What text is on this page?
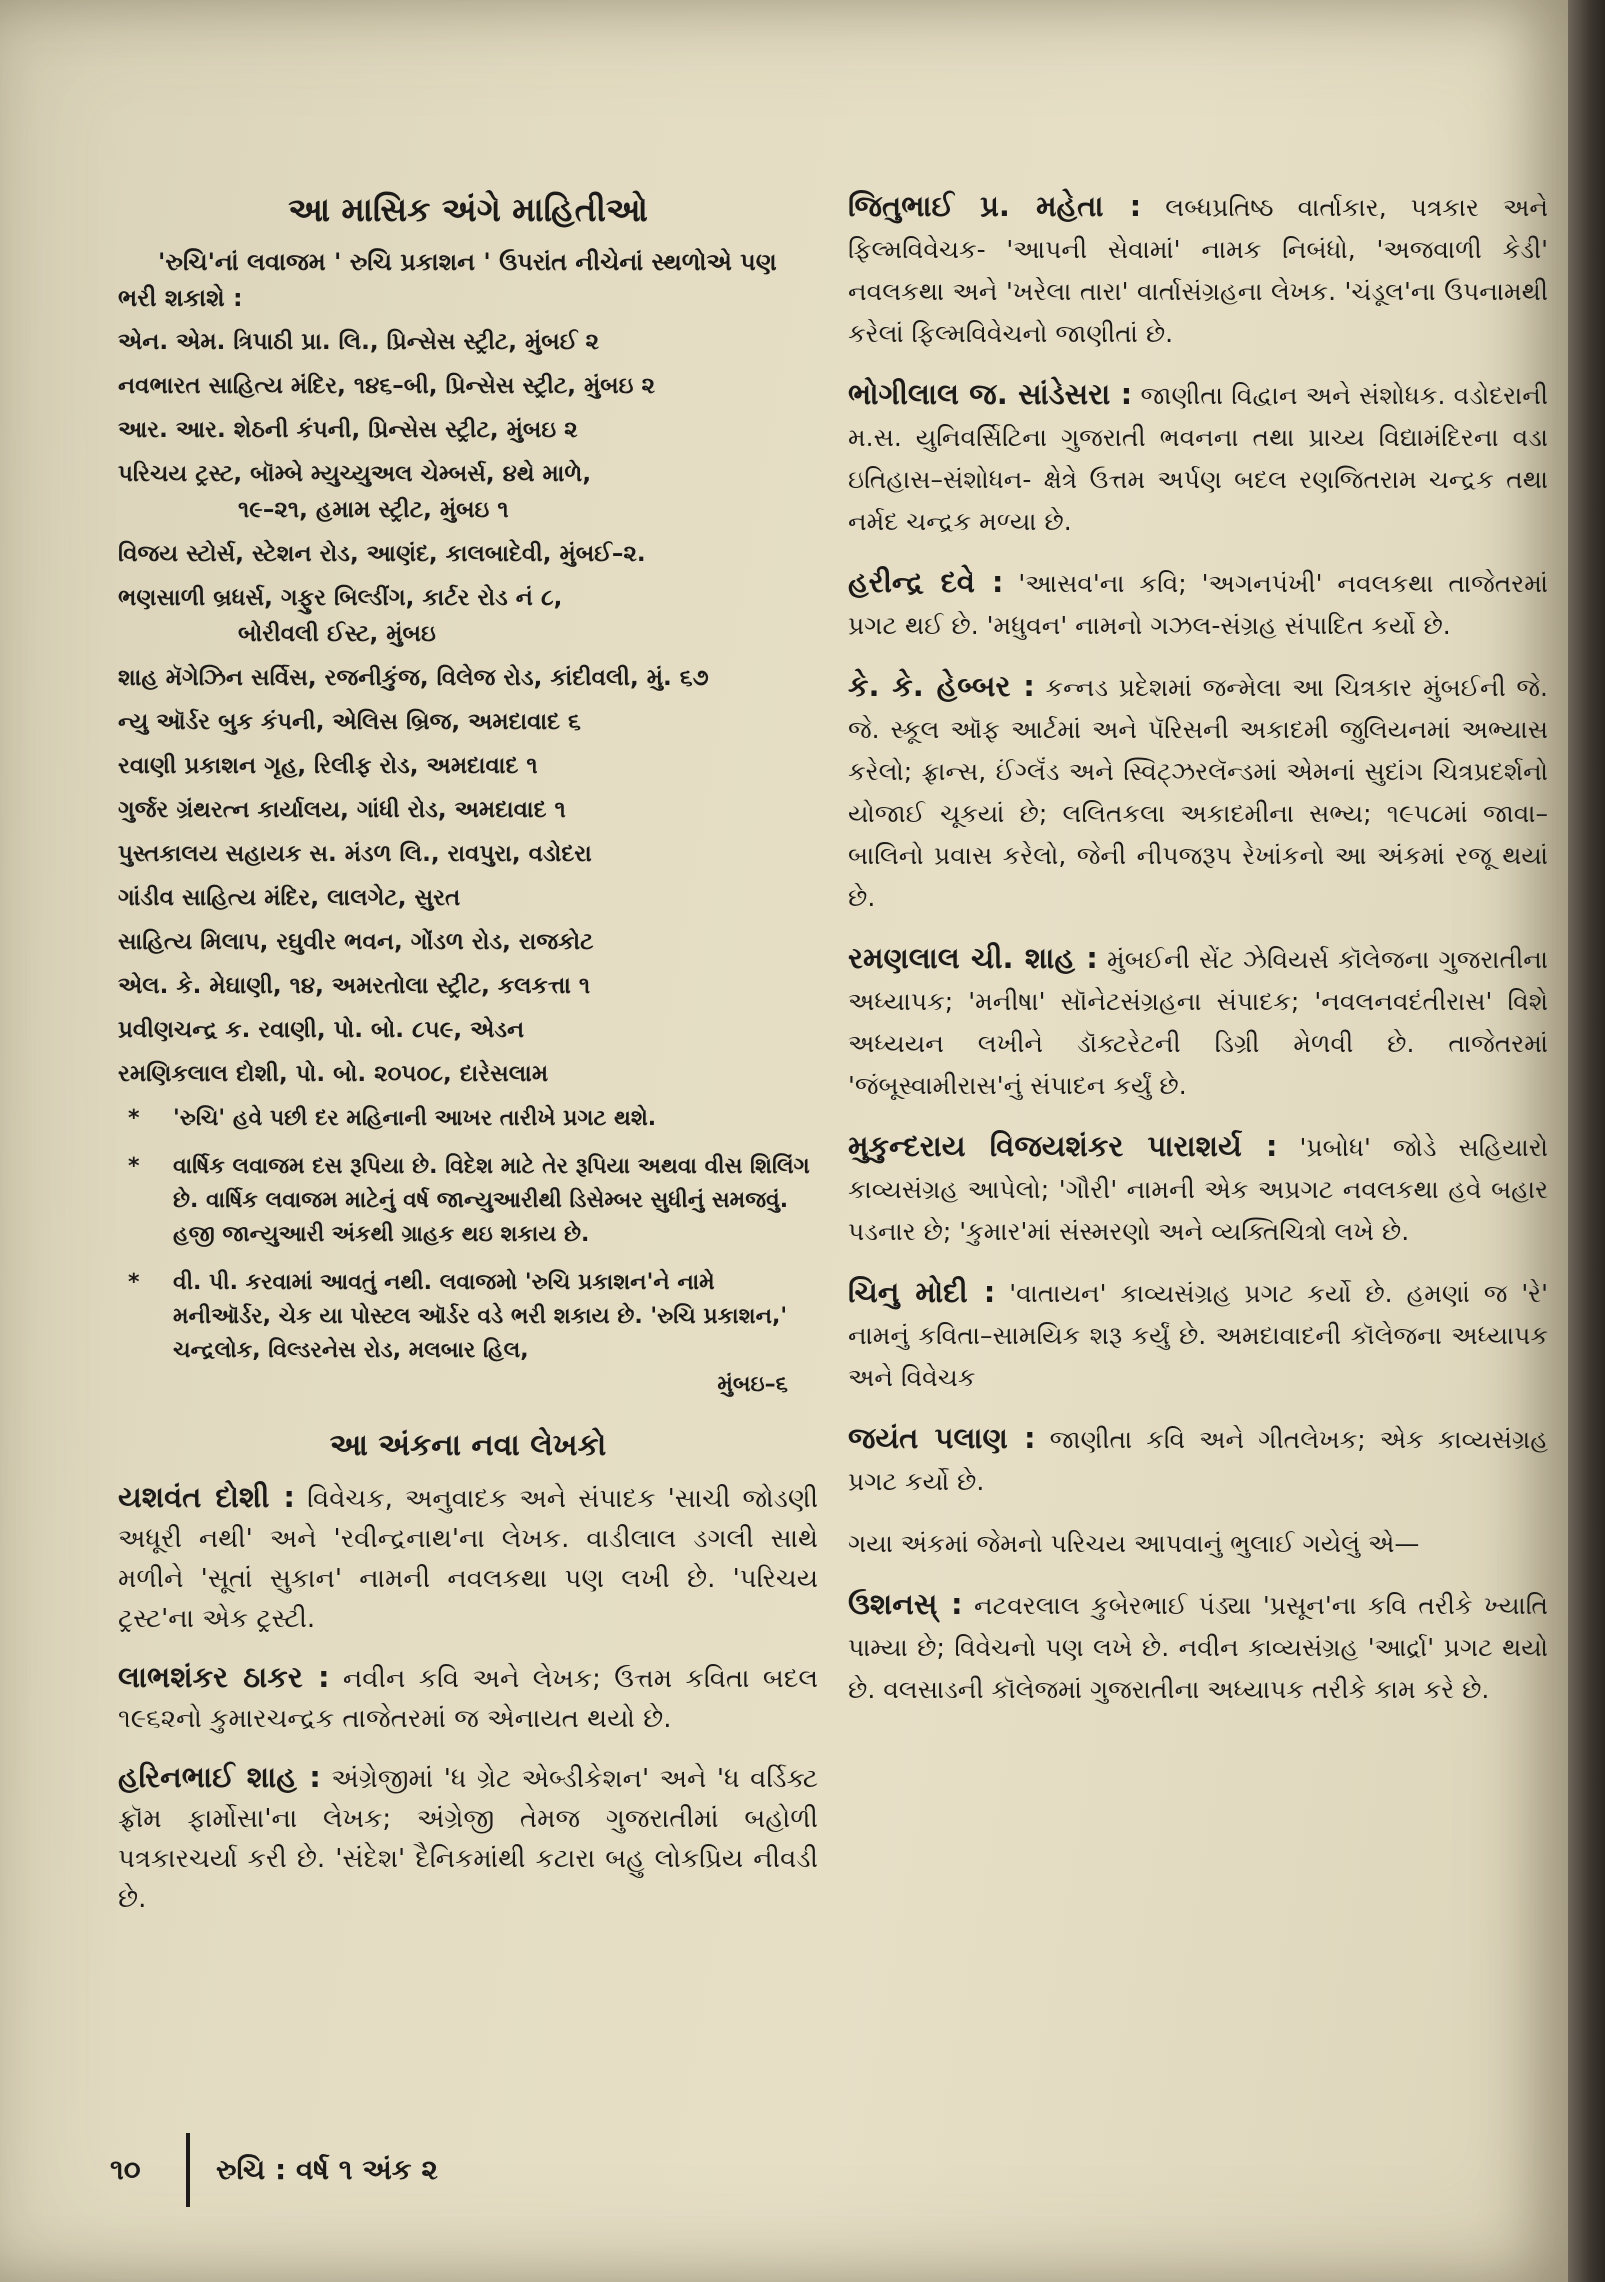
આ માસિક અંગે માહિતીઓ

'રુચિ'નાં લવાજમ ' રુચિ પ્રકાશન ' ઉપરાંત નીચેનાં સ્થળોએ પણ ભરી શકાશે :

એન. એમ. ત્રિપાઠી પ્રા. લિ., પ્રિન્સેસ સ્ટ્રીટ, મુંબઈ ૨
નવભારત સાહિત્ય મંદિર, ૧૪૬–બી, પ્રિન્સેસ સ્ટ્રીટ, મુંબઇ ૨
આર. આર. શેઠની કંપની, પ્રિન્સેસ સ્ટ્રીટ, મુંબઇ ૨
પરિચય ટ્રસ્ટ, બૉમ્બે મ્યુચ્યુઅલ ચેમ્બર્સ, ૪થે માળે,
૧૯–૨૧, હમામ સ્ટ્રીટ, મુંબઇ ૧
વિજય સ્ટોર્સ, સ્ટેશન રોડ, આણંદ, કાલબાદેવી, મુંબઈ–૨.
ભણસાળી બ્રધર્સ, ગફુર બિલ્ડીંગ, કાર્ટર રોડ નં ૮,
બોરીવલી ઈસ્ટ, મુંબઇ
શાહ મૅગેઝિન સર્વિસ, રજનીકુંજ, વિલેજ રોડ, કાંદીવલી, મું. ૬૭
ન્યુ ઑર્ડર બુક કંપની, એલિસ બ્રિજ, અમદાવાદ ૬
રવાણી પ્રકાશન ગૃહ, રિલીફ રોડ, અમદાવાદ ૧
ગુર્જર ગ્રંથરત્ન કાર્યાલય, ગાંધી રોડ, અમદાવાદ ૧
પુસ્તકાલય સહાયક સ. મંડળ લિ., રાવપુરા, વડોદરા
ગાંડીવ સાહિત્ય મંદિર, લાલગેટ, સુરત
સાહિત્ય મિલાપ, રઘુવીર ભવન, ગોંડળ રોડ, રાજકોટ
એલ. કે. મેઘાણી, ૧૪, અમરતોલા સ્ટ્રીટ, કલકત્તા ૧
પ્રવીણચન્દ્ર ક. રવાણી, પો. બો. ૮૫૯, એડન
રમણિકલાલ દોશી, પો. બો. ૨૦૫૦૮, દારેસલામ
* 'રુચિ' હવે પછી દર મહિનાની આખર તારીખે પ્રગટ થશે.
* વાર્ષિક લવાજમ દસ રૂપિયા છે. વિદેશ માટે તેર રૂપિયા અથવા વીસ શિલિંગ છે. વાર્ષિક લવાજમ માટેનું વર્ષ જાન્યુઆરીથી ડિસેમ્બર સુધીનું સમજવું. હજી જાન્યુઆરી અંકથી ગ્રાહક થઇ શકાય છે.
* વી. પી. કરવામાં આવતું નથી. લવાજમો 'રુચિ પ્રકાશન'ને નામે મનીઑર્ડર, ચેક યા પોસ્ટલ ઑર્ડર વડે ભરી શકાય છે. 'રુચિ પ્રકાશન,' ચન્દ્રલોક, વિલ્ડરનેસ રોડ, મલબાર હિલ,
મુંબઇ–૬
આ અંકના નવા લેખકો

યશવંત દોશી : વિવેચક, અનુવાદક અને સંપાદક 'સાચી જોડણી અધૂરી નથી' અને 'રવીન્દ્રનાથ'ના લેખક. વાડીલાલ ડગલી સાથે મળીને 'સૂતાં સુકાન' નામની નવલકથા પણ લખી છે. 'પરિચય ટ્રસ્ટ'ના એક ટ્રસ્ટી.

લાભશંકર ઠાકર : નવીન કવિ અને લેખક; ઉત્તમ કવિતા બદલ ૧૯૬૨નો કુમારચન્દ્રક તાજેતરમાં જ એનાયત થયો છે.

હરિનભાઈ શાહ : અંગ્રેજીમાં 'ધ ગ્રેટ એબ્ડીકેશન' અને 'ધ વર્ડિક્ટ ફ્રૉમ ફાર્મોસા'ના લેખક; અંગ્રેજી તેમજ ગુજરાતીમાં બહોળી પત્રકારચર્યા કરી છે. 'સંદેશ' દૈનિકમાંથી કટારા બહુ લોકપ્રિય નીવડી છે.

જિતુભાઈ પ્ર. મહેતા : લબ્ધપ્રતિષ્ઠ વાર્તાકાર, પત્રકાર અને ફિલ્મવિવેચક- 'આપની સેવામાં' નામક નિબંધો, 'અજવાળી કેડી' નવલકથા અને 'ખરેલા તારા' વાર્તાસંગ્રહના લેખક. 'ચંડૂલ'ના ઉપનામથી કરેલાં ફિલ્મવિવેચનો જાણીતાં છે.

ભોગીલાલ જ. સાંડેસરા : જાણીતા વિદ્વાન અને સંશોધક. વડોદરાની મ.સ. યુનિવર્સિટિના ગુજરાતી ભવનના તથા પ્રાચ્ય વિદ્યામંદિરના વડા ઇતિહાસ–સંશોધન- ક્ષેત્રે ઉત્તમ અર્પણ બદલ રણજિતરામ ચન્દ્રક તથા નર્મદ ચન્દ્રક મળ્યા છે.

હરીન્દ્ર દવે : 'આસવ'ના કવિ; 'અગનપંખી' નવલકથા તાજેતરમાં પ્રગટ થઈ છે. 'મધુવન' નામનો ગઝલ-સંગ્રહ સંપાદિત કર્યો છે.

કે. કે. હેબ્બર : કન્નડ પ્રદેશમાં જન્મેલા આ ચિત્રકાર મુંબઈની જે. જે. સ્કૂલ ઑફ આર્ટમાં અને પૅરિસની અકાદમી જુલિયનમાં અભ્યાસ કરેલો; ફ્રાન્સ, ઈંગ્લૅંડ અને સ્વિટ્ઝરલૅન્ડમાં એમનાં સુદાંગ ચિત્રપ્રદર્શનો યોજાઈ ચૂકયાં છે; લલિતકલા અકાદમીના સભ્ય; ૧૯૫૮માં જાવા–બાલિનો પ્રવાસ કરેલો, જેની નીપજરૂપ રેખાંકનો આ અંકમાં રજૂ થયાં છે.

રમણલાલ ચી. શાહ : મુંબઈની સેંટ ઝેવિયર્સ કૉલેજના ગુજરાતીના અધ્યાપક; 'મનીષા' સૉનેટસંગ્રહના સંપાદક; 'નવલનવદંતીરાસ' વિશે અધ્યયન લખીને ડૉક્ટરેટની ડિગ્રી મેળવી છે. તાજેતરમાં 'જંબૂસ્વામીરાસ'નું સંપાદન કર્યું છે.

મુકુન્દરાય વિજયશંકર પારાશર્ય : 'પ્રબોધ' જોડે સહિયારો કાવ્યસંગ્રહ આપેલો; 'ગૌરી' નામની એક અપ્રગટ નવલકથા હવે બહાર પડનાર છે; 'કુમાર'માં સંસ્મરણો અને વ્યક્તિચિત્રો લખે છે.

ચિનુ મોદી : 'વાતાયન' કાવ્યસંગ્રહ પ્રગટ કર્યો છે. હમણાં જ 'રે' નામનું કવિતા–સામયિક શરૂ કર્યું છે. અમદાવાદની કૉલેજના અધ્યાપક અને વિવેચક

જયંત પલાણ : જાણીતા કવિ અને ગીતલેખક; એક કાવ્યસંગ્રહ પ્રગટ કર્યો છે.

ગયા અંકમાં જેમનો પરિચય આપવાનું ભુલાઈ ગયેલું એ—

ઉશનસ્ : નટવરલાલ કુબેરભાઈ પંડ્યા 'પ્રસૂન'ના કવિ તરીકે ખ્યાતિ પામ્યા છે; વિવેચનો પણ લખે છે. નવીન કાવ્યસંગ્રહ 'આર્દ્રા' પ્રગટ થયો છે. વલસાડની કૉલેજમાં ગુજરાતીના અધ્યાપક તરીકે કામ કરે છે.

૧૦	રુચિ : વર્ષ ૧ અંક ૨
